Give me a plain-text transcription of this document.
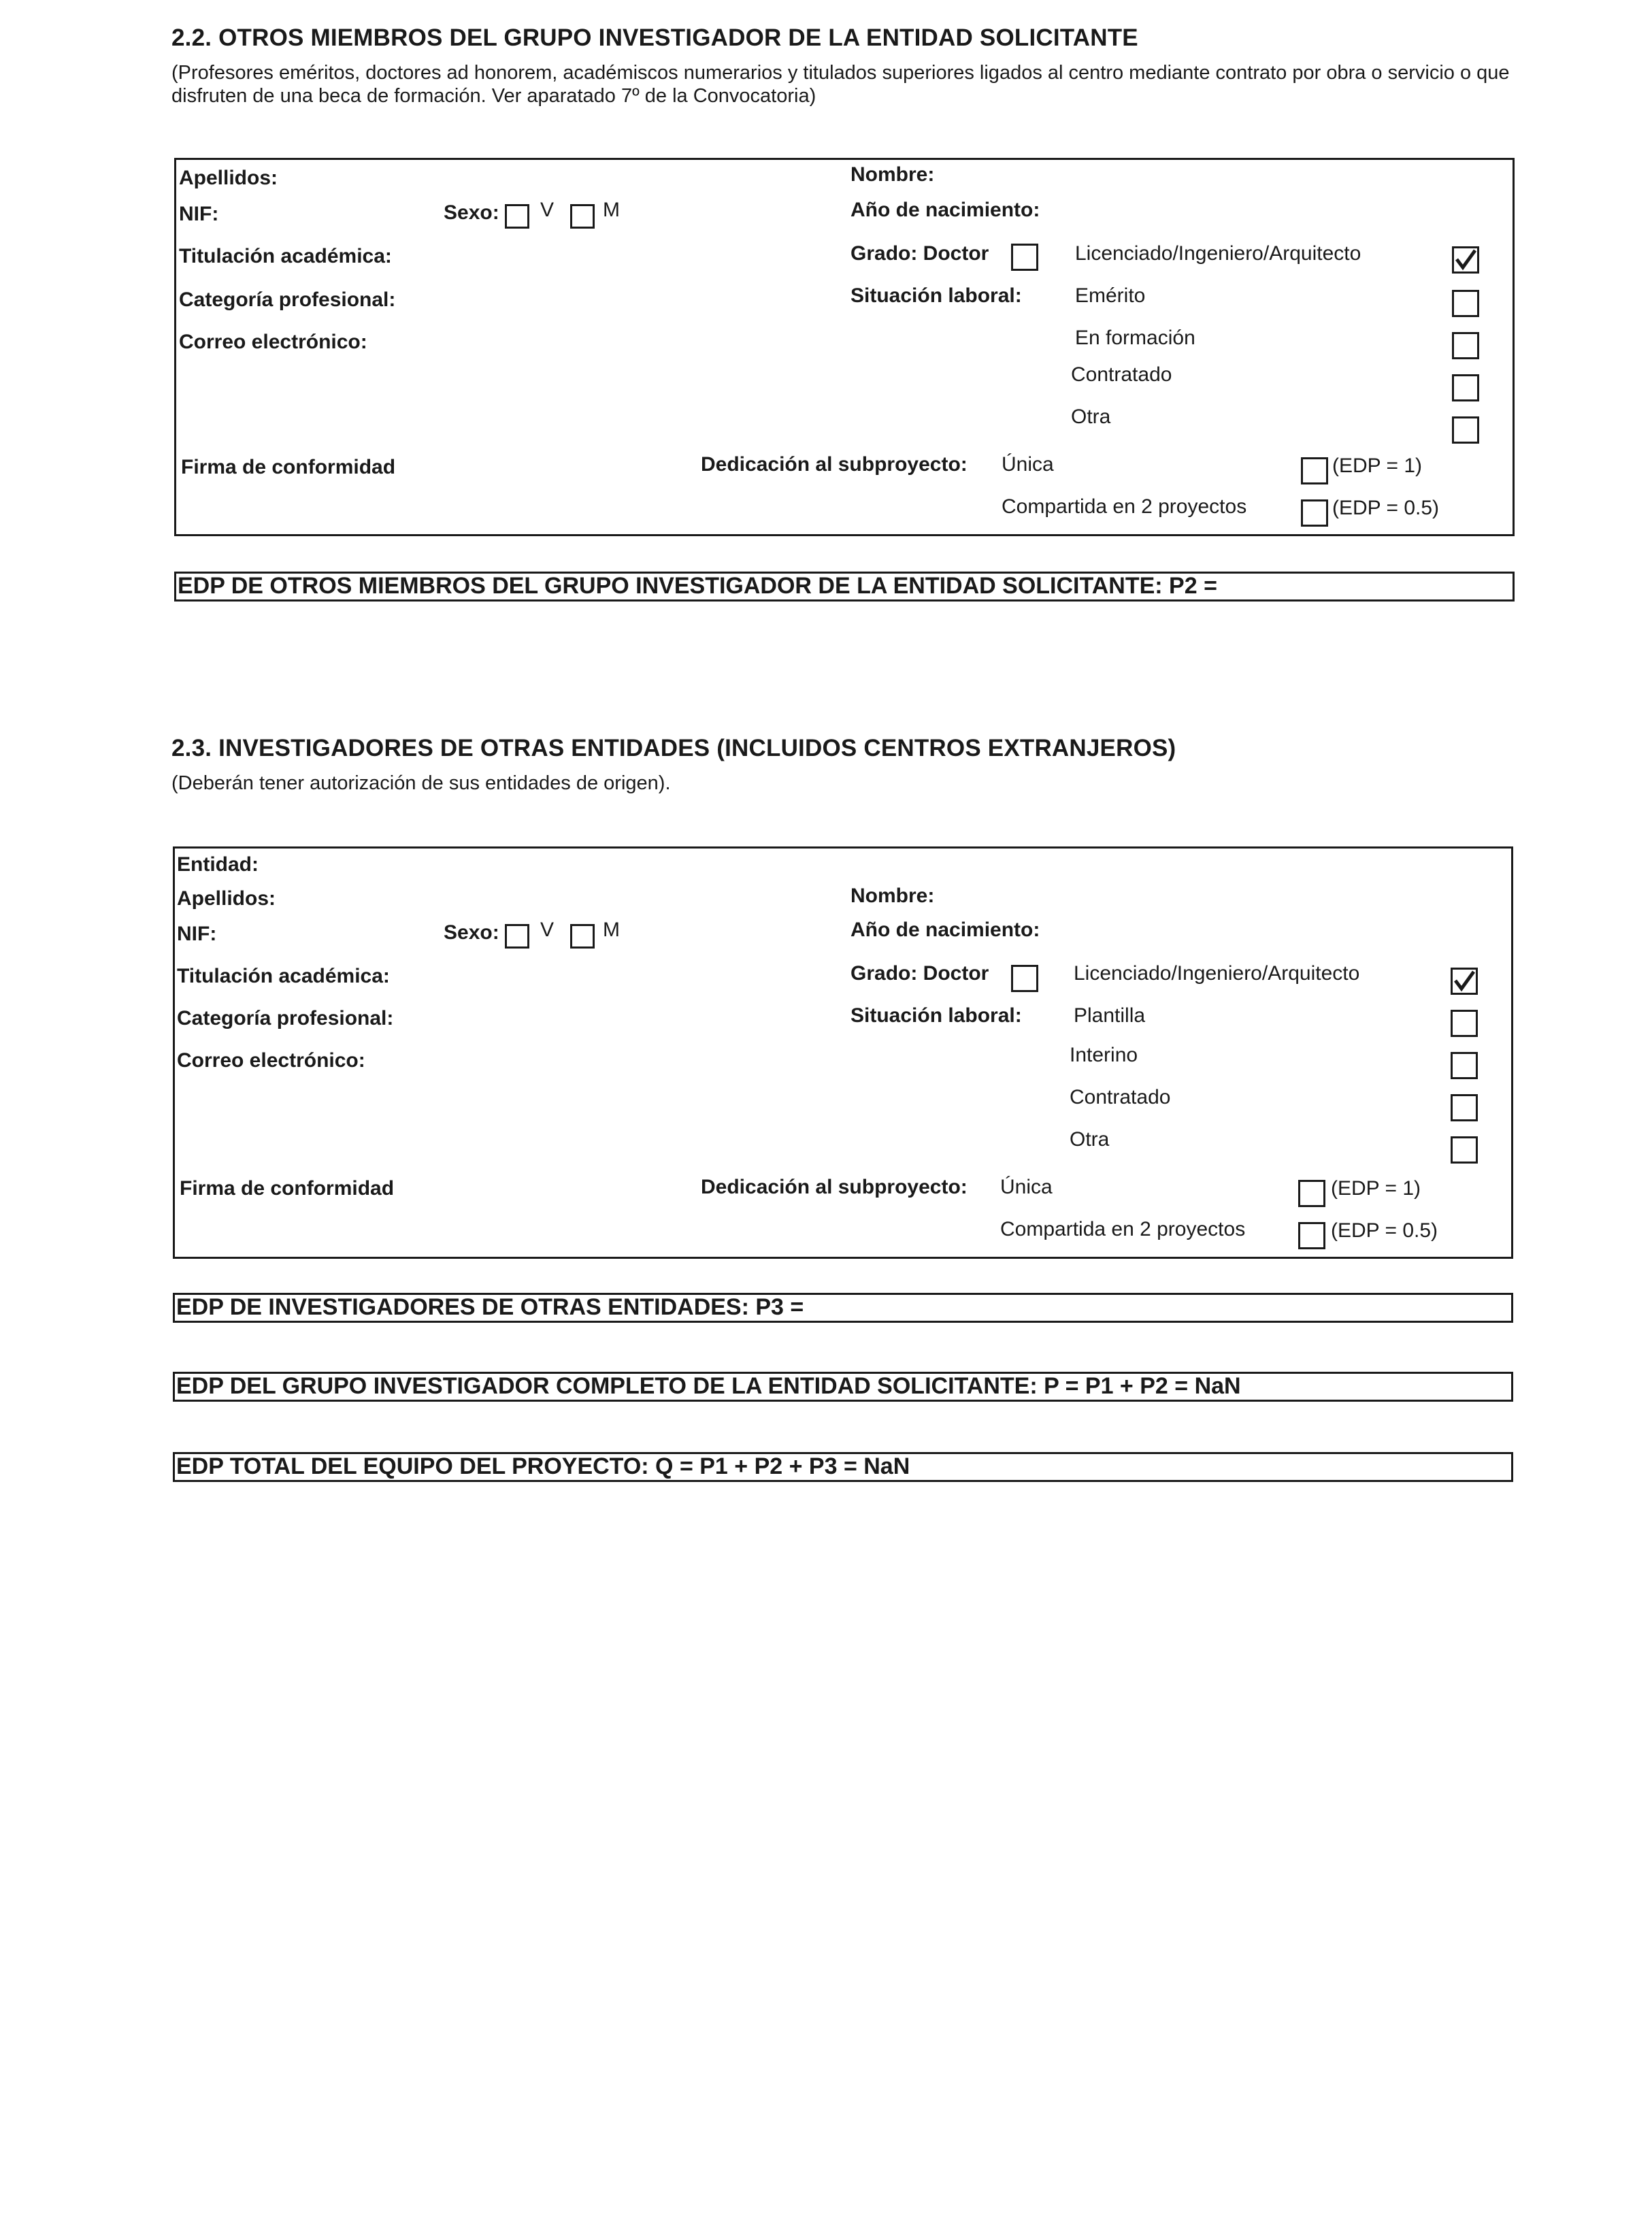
2.2. OTROS MIEMBROS DEL GRUPO INVESTIGADOR DE LA ENTIDAD SOLICITANTE
(Profesores eméritos, doctores ad honorem, académiscos numerarios y titulados superiores ligados al centro mediante contrato por obra o servicio o que disfruten de una beca de formación. Ver aparatado 7º de la Convocatoria)
Apellidos:	Nombre:
NIF:	Sexo: V M	Año de nacimiento:
Titulación académica:	Grado: Doctor	Licenciado/Ingeniero/Arquitecto
Categoría profesional:	Situación laboral:	Emérito
Correo electrónico:	En formación
Contratado
Otra
Firma de conformidad	Dedicación al subproyecto: Única	(EDP = 1)
Compartida en 2 proyectos	(EDP = 0.5)
EDP DE OTROS MIEMBROS DEL GRUPO INVESTIGADOR DE LA ENTIDAD SOLICITANTE: P2 =
2.3. INVESTIGADORES DE OTRAS ENTIDADES (INCLUIDOS CENTROS EXTRANJEROS)
(Deberán tener autorización de sus entidades de origen).
Entidad:
Apellidos:	Nombre:
NIF:	Sexo: V M	Año de nacimiento:
Titulación académica:	Grado: Doctor	Licenciado/Ingeniero/Arquitecto
Categoría profesional:	Situación laboral:	Plantilla
Correo electrónico:	Interino
Contratado
Otra
Firma de conformidad	Dedicación al subproyecto: Única	(EDP = 1)
Compartida en 2 proyectos	(EDP = 0.5)
EDP DE INVESTIGADORES DE OTRAS ENTIDADES: P3 =
EDP DEL GRUPO INVESTIGADOR COMPLETO DE LA ENTIDAD SOLICITANTE: P = P1 + P2 = NaN
EDP TOTAL DEL EQUIPO DEL PROYECTO: Q = P1 + P2 + P3 = NaN
